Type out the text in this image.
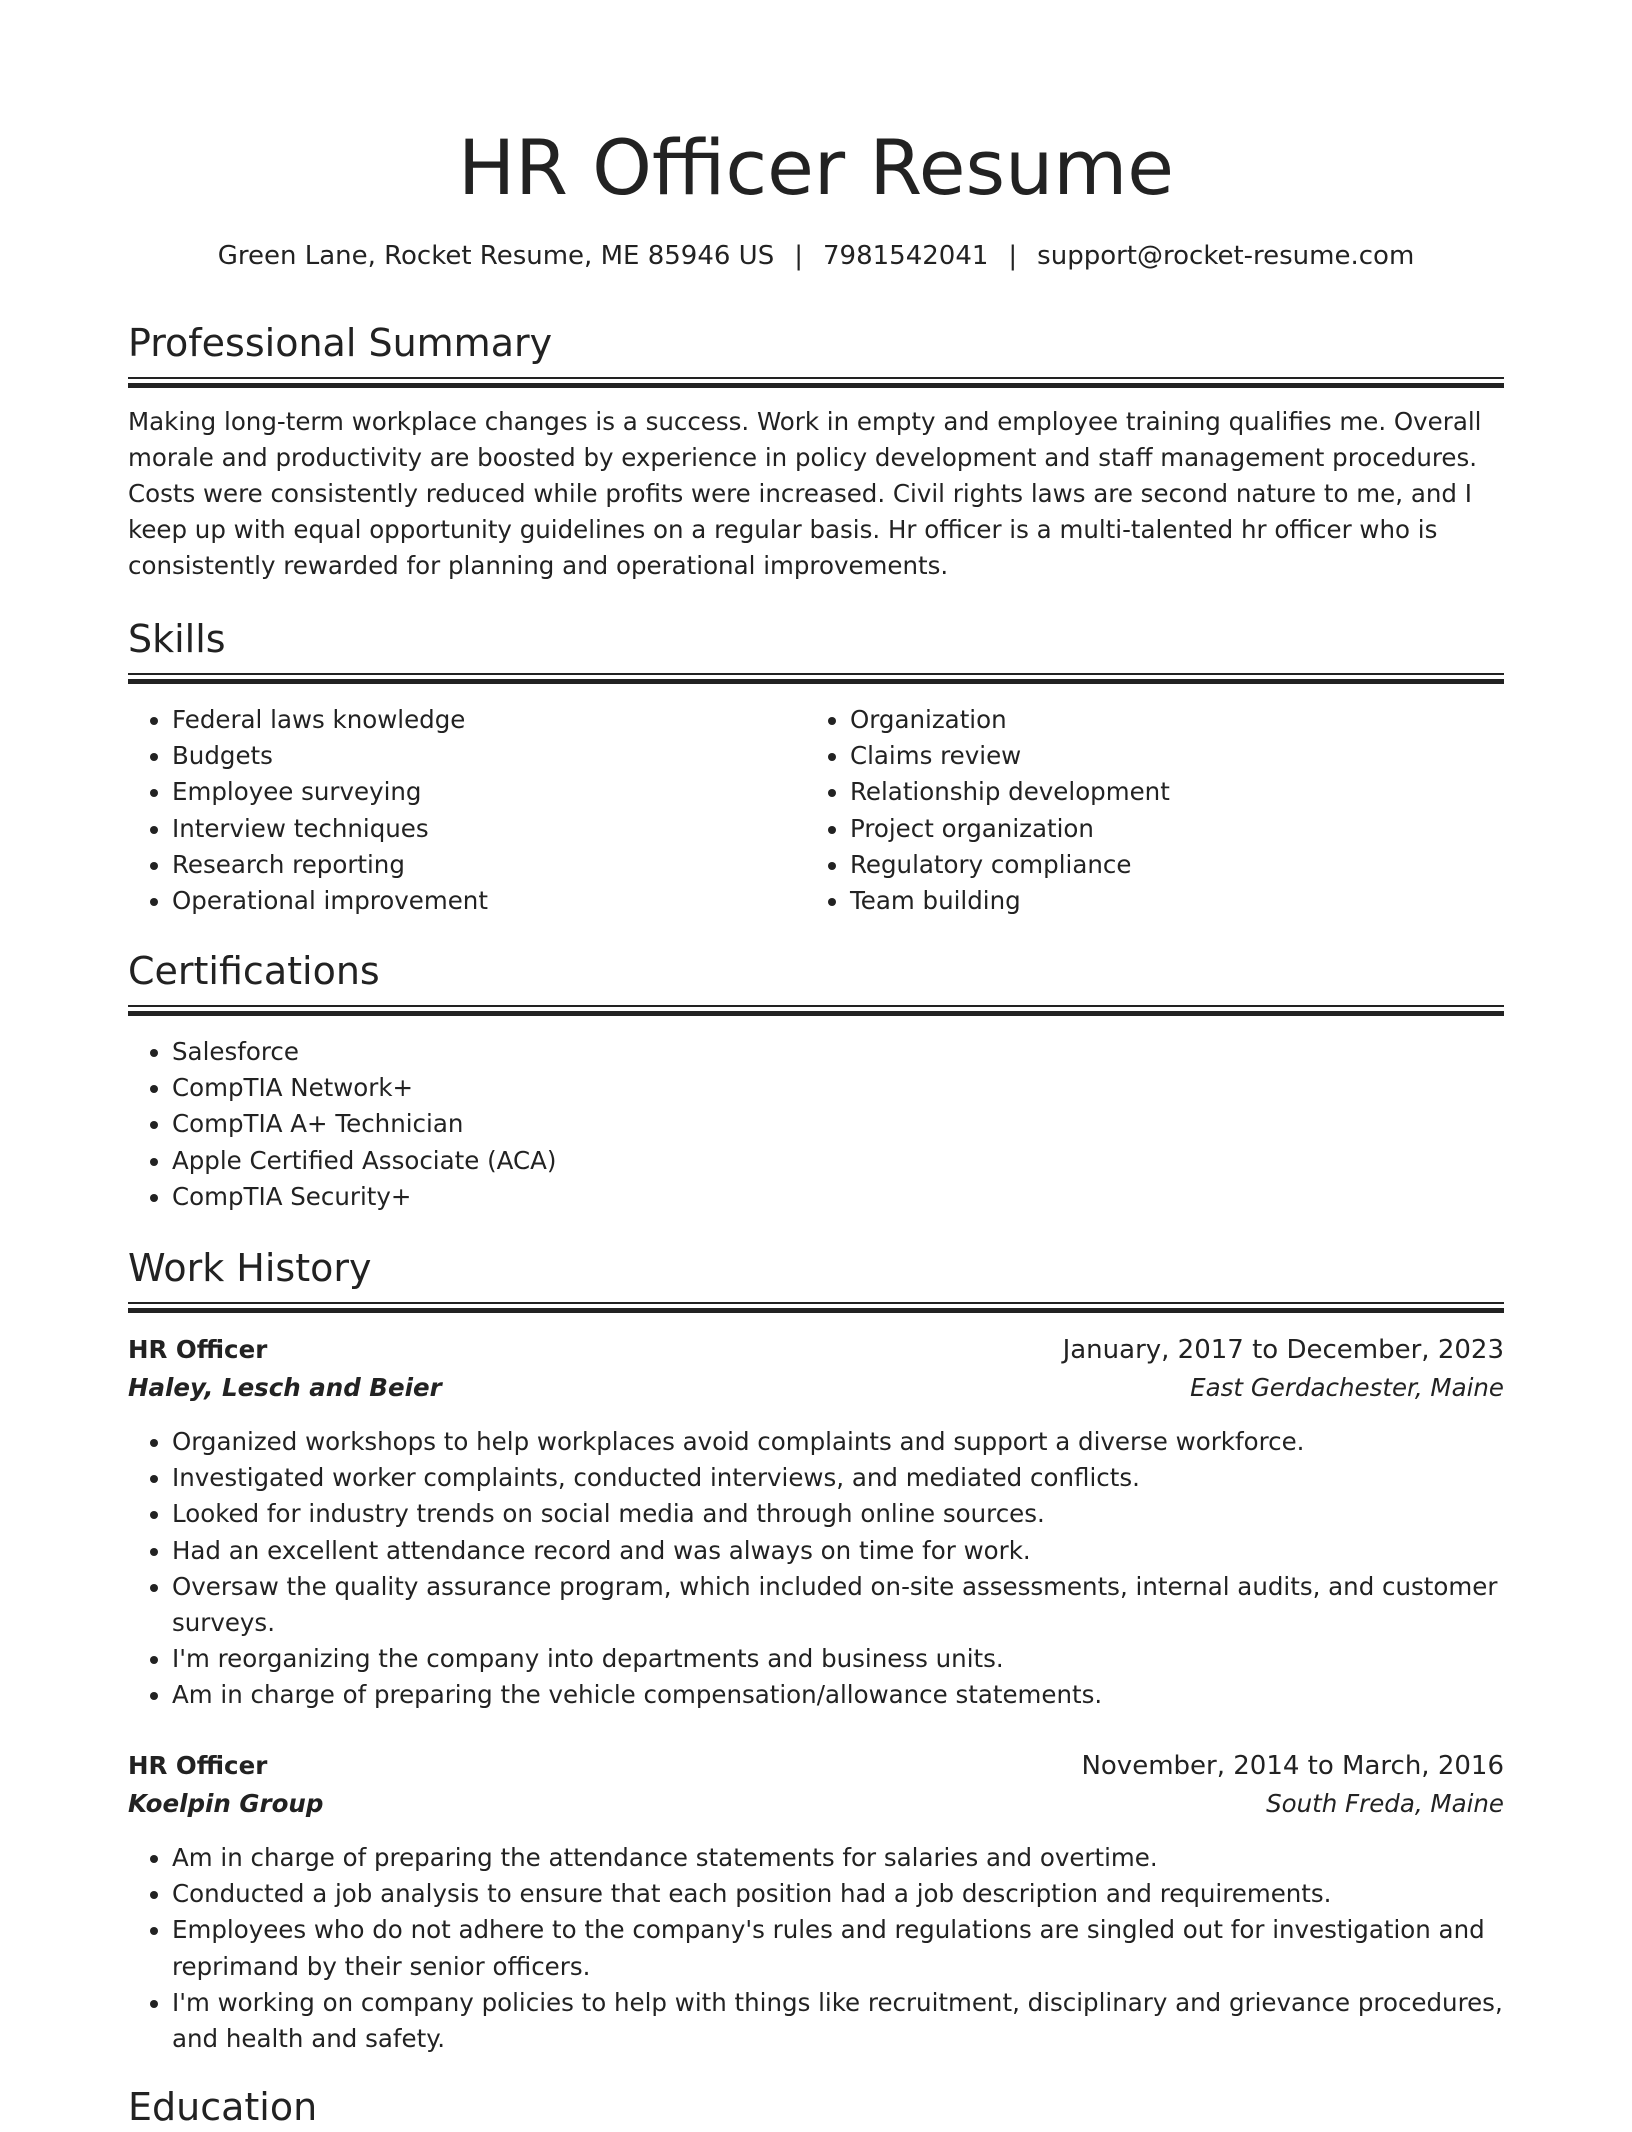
HR Officer Resume
Green Lane, Rocket Resume, ME 85946 US | 7981542041 | support@rocket-resume.com
Professional Summary

Making long-term workplace changes is a success. Work in empty and employee training qualifies me. Overall morale and productivity are boosted by experience in policy development and staff management procedures. Costs were consistently reduced while profits were increased. Civil rights laws are second nature to me, and I keep up with equal opportunity guidelines on a regular basis. Hr officer is a multi-talented hr officer who is consistently rewarded for planning and operational improvements.

Skills
• Federal laws knowledge
• Budgets
• Employee surveying
• Interview techniques
• Research reporting
• Operational improvement
• Organization
• Claims review
• Relationship development
• Project organization
• Regulatory compliance
• Team building
Certifications
• Salesforce
• CompTIA Network+
• CompTIA A+ Technician
• Apple Certified Associate (ACA)
• CompTIA Security+
Work History
HR Officer	January, 2017 to December, 2023
Haley, Lesch and Beier	East Gerdachester, Maine
• Organized workshops to help workplaces avoid complaints and support a diverse workforce.
• Investigated worker complaints, conducted interviews, and mediated conflicts.
• Looked for industry trends on social media and through online sources.
• Had an excellent attendance record and was always on time for work.
• Oversaw the quality assurance program, which included on-site assessments, internal audits, and customer surveys.
• I'm reorganizing the company into departments and business units.
• Am in charge of preparing the vehicle compensation/allowance statements.
HR Officer	November, 2014 to March, 2016
Koelpin Group	South Freda, Maine
• Am in charge of preparing the attendance statements for salaries and overtime.
• Conducted a job analysis to ensure that each position had a job description and requirements.
• Employees who do not adhere to the company's rules and regulations are singled out for investigation and reprimand by their senior officers.
• I'm working on company policies to help with things like recruitment, disciplinary and grievance procedures, and health and safety.
Education
